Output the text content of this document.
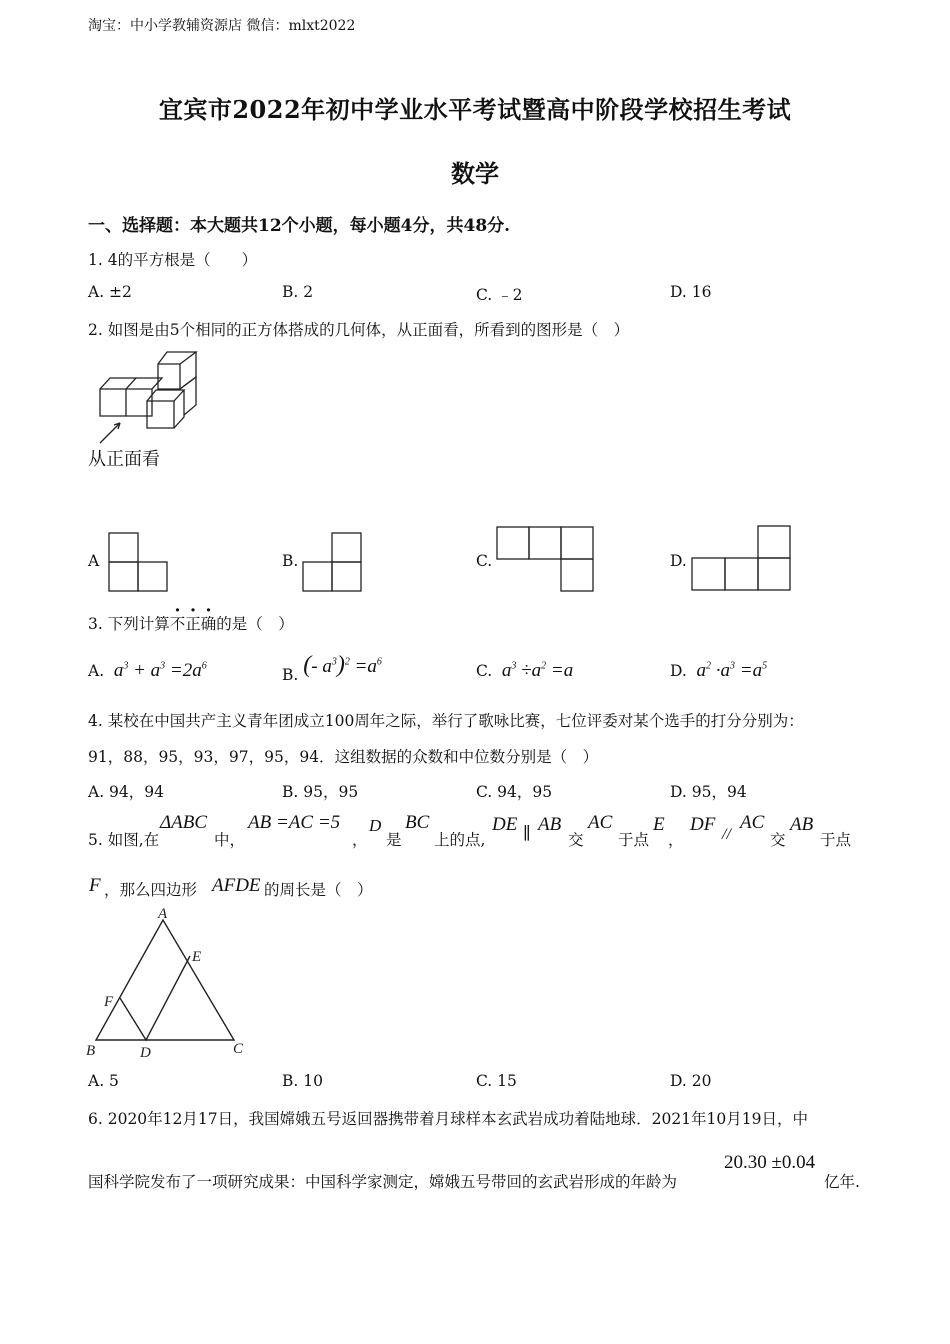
淘宝：中小学教辅资源店 微信：mlxt2022
宜宾市2022年初中学业水平考试暨高中阶段学校招生考试
数学
一、选择题：本大题共12个小题，每小题4分，共48分.
1. 4的平方根是（　　）
A. ±2	B. 2	C. ﹣2	D. 16
2. 如图是由5个相同的正方体搭成的几何体，从正面看，所看到的图形是（　）
从正面看
A	B.	C.	D.
3. 下列计算不正确的是（　）
A.  $a^3 + a^3 =2a^6$	B. (- $a^3)^2 =a^6$	C.  $a^3 \div a^2 =a$	D.  $a^2 \cdot a^3 =a^5$
4. 某校在中国共产主义青年团成立100周年之际，举行了歌咏比赛，七位评委对某个选手的打分分别为：
91，88，95，93，97，95，94．这组数据的众数和中位数分别是（　）
A. 94，94	B. 95，95	C. 94，95	D. 95，94
5. 如图,在
ΔABC
中，
AB =AC =5
，
D
是
BC
上的点,
DE ∥ AB
交
AC
于点
E
，
DF //
AC
交
AB
于点
F ，那么四边形 AFDE 的周长是（　）
A
E
F
B	D	C
A. 5	B. 10	C. 15	D. 20
6. 2020年12月17日，我国嫦娥五号返回器携带着月球样本玄武岩成功着陆地球．2021年10月19日，中
国科学院发布了一项研究成果：中国科学家测定，嫦娥五号带回的玄武岩形成的年龄为
20.30 ±0.04
亿年.
